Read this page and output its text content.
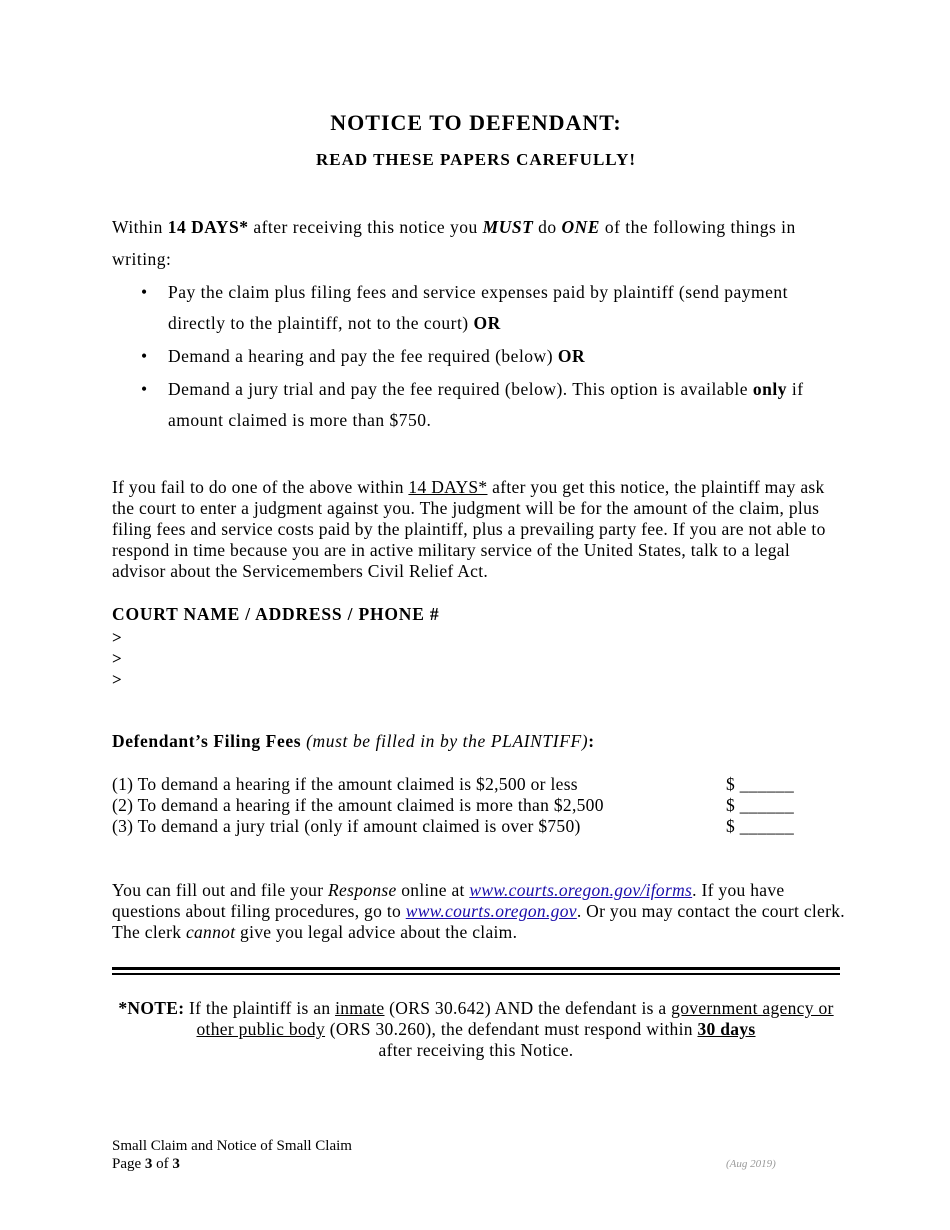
NOTICE TO DEFENDANT:
READ THESE PAPERS CAREFULLY!
Within 14 DAYS* after receiving this notice you MUST do ONE of the following things in writing:
• Pay the claim plus filing fees and service expenses paid by plaintiff (send payment directly to the plaintiff, not to the court) OR
• Demand a hearing and pay the fee required (below) OR
• Demand a jury trial and pay the fee required (below). This option is available only if amount claimed is more than $750.
If you fail to do one of the above within 14 DAYS* after you get this notice, the plaintiff may ask the court to enter a judgment against you. The judgment will be for the amount of the claim, plus filing fees and service costs paid by the plaintiff, plus a prevailing party fee. If you are not able to respond in time because you are in active military service of the United States, talk to a legal advisor about the Servicemembers Civil Relief Act.
COURT NAME / ADDRESS / PHONE #
>
>
>
Defendant’s Filing Fees (must be filled in by the PLAINTIFF):
(1) To demand a hearing if the amount claimed is $2,500 or less	$ ______
(2) To demand a hearing if the amount claimed is more than $2,500	$ ______
(3) To demand a jury trial (only if amount claimed is over $750)	$ ______
You can fill out and file your Response online at www.courts.oregon.gov/iforms. If you have questions about filing procedures, go to www.courts.oregon.gov. Or you may contact the court clerk. The clerk cannot give you legal advice about the claim.
*NOTE: If the plaintiff is an inmate (ORS 30.642) AND the defendant is a government agency or other public body (ORS 30.260), the defendant must respond within 30 days
after receiving this Notice.
Small Claim and Notice of Small Claim
Page 3 of 3	(Aug 2019)
